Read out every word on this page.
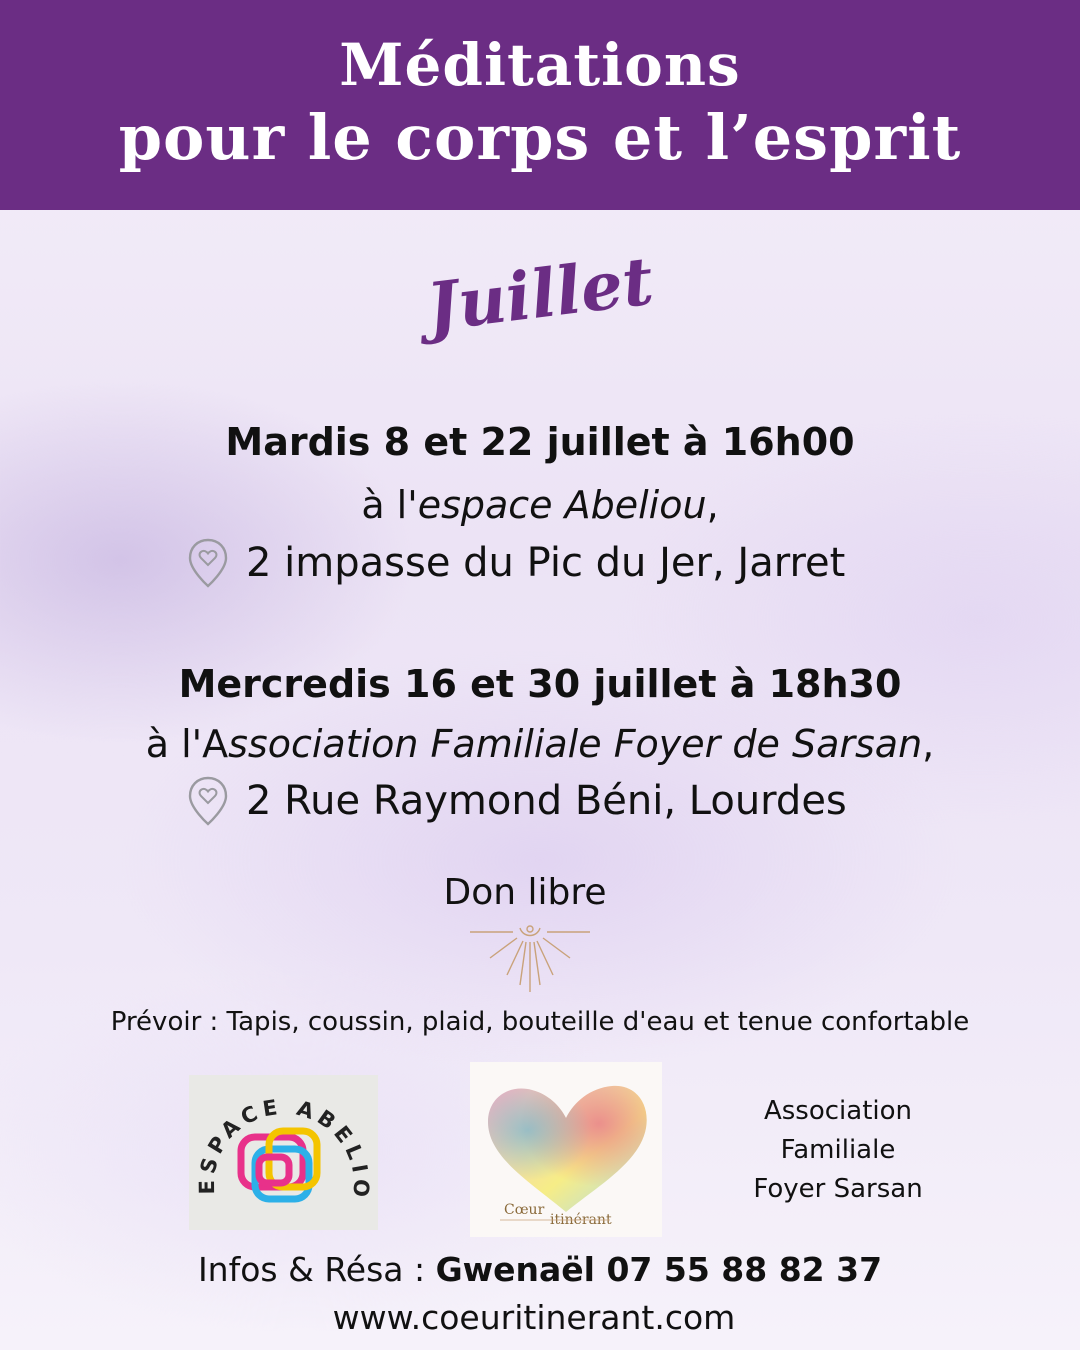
Méditations
pour le corps et l’esprit
Juillet
Mardis 8 et 22 juillet à 16h00
à l'espace Abeliou,
2 impasse du Pic du Jer, Jarret
Mercredis 16 et 30 juillet à 18h30
à l'Association Familiale Foyer de Sarsan,
2 Rue Raymond Béni, Lourdes
Don libre
Prévoir : Tapis, coussin, plaid, bouteille d'eau et tenue confortable
ESPACE ABELIO
Cœur
itinérant
Association
Familiale
Foyer Sarsan
Infos & Résa : Gwenaël 07 55 88 82 37
www.coeuritinerant.com
